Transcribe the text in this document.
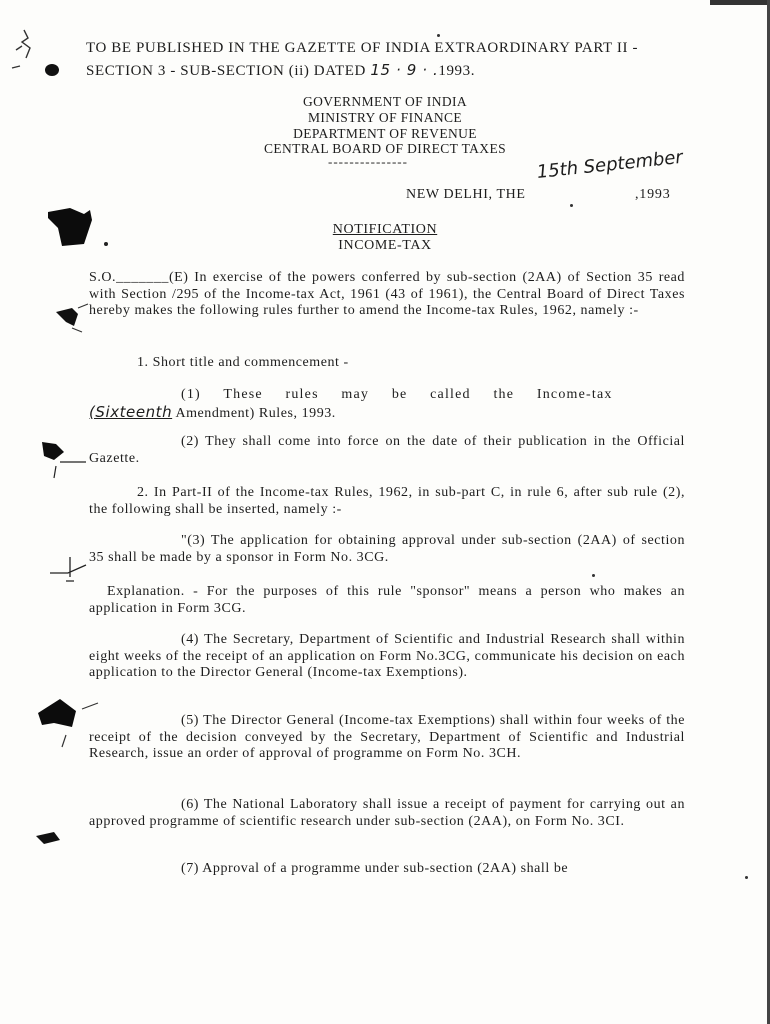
TO BE PUBLISHED IN THE GAZETTE OF INDIA EXTRAORDINARY PART II -
SECTION 3 - SUB-SECTION (ii) DATED 15 · 9 · .1993.
GOVERNMENT OF INDIA
MINISTRY OF FINANCE
DEPARTMENT OF REVENUE
CENTRAL BOARD OF DIRECT TAXES
---------------	15th September
NEW DELHI, THE	,1993
NOTIFICATION
INCOME-TAX
S.O._______(E) In exercise of the powers conferred by sub-section (2AA) of Section 35 read with Section /295 of the Income-tax Act, 1961 (43 of 1961), the Central Board of Direct Taxes hereby makes the following rules further to amend the Income-tax Rules, 1962, namely :-
1. Short title and commencement -
(1) These rules may be called the Income-tax
(Sixteenth Amendment) Rules, 1993.
(2) They shall come into force on the date of their publication in the Official Gazette.
2. In Part-II of the Income-tax Rules, 1962, in sub-part C, in rule 6, after sub rule (2), the following shall be inserted, namely :-
"(3) The application for obtaining approval under sub-section (2AA) of section 35 shall be made by a sponsor in Form No. 3CG.
Explanation. - For the purposes of this rule "sponsor" means a person who makes an application in Form 3CG.
(4) The Secretary, Department of Scientific and Industrial Research shall within eight weeks of the receipt of an application on Form No.3CG, communicate his decision on each application to the Director General (Income-tax Exemptions).
(5) The Director General (Income-tax Exemptions) shall within four weeks of the receipt of the decision conveyed by the Secretary, Department of Scientific and Industrial Research, issue an order of approval of programme on Form No. 3CH.
(6) The National Laboratory shall issue a receipt of payment for carrying out an approved programme of scientific research under sub-section (2AA), on Form No. 3CI.
(7) Approval of a programme under sub-section (2AA) shall be
